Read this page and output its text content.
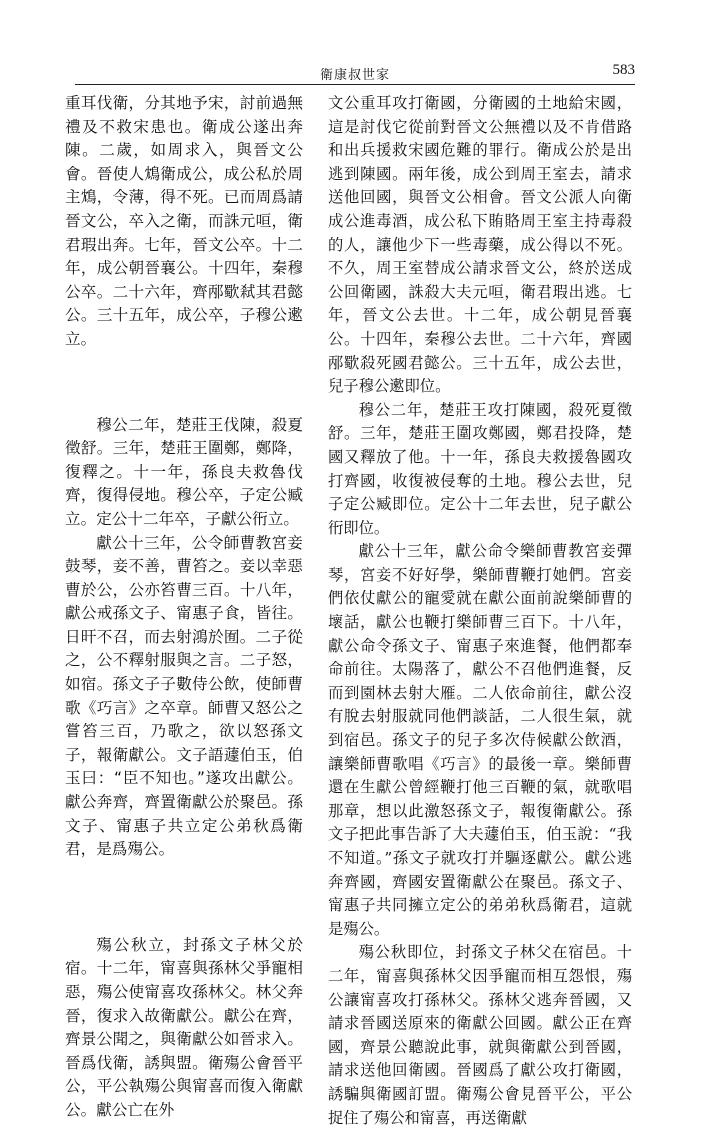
衛康叔世家	583

重耳伐衛，分其地予宋，討前過無禮及不救宋患也。衛成公遂出奔陳。二歲，如周求入，與晉文公會。晉使人鴆衛成公，成公私於周主鴆，令薄，得不死。已而周爲請晉文公，卒入之衛，而誅元咺，衛君瑕出奔。七年，晉文公卒。十二年，成公朝晉襄公。十四年，秦穆公卒。二十六年，齊邴歜弒其君懿公。三十五年，成公卒，子穆公遬立。

穆公二年，楚莊王伐陳，殺夏徵舒。三年，楚莊王圍鄭，鄭降，復釋之。十一年，孫良夫救魯伐齊，復得侵地。穆公卒，子定公臧立。定公十二年卒，子獻公衎立。

獻公十三年，公令師曹教宮妾鼓琴，妾不善，曹笞之。妾以幸惡曹於公，公亦笞曹三百。十八年，獻公戒孫文子、甯惠子食，皆往。日旰不召，而去射鴻於囿。二子從之，公不釋射服與之言。二子怒，如宿。孫文子子數侍公飲，使師曹歌《巧言》之卒章。師曹又怒公之嘗笞三百，乃歌之，欲以怒孫文子，報衛獻公。文子語蘧伯玉，伯玉曰：“臣不知也。”遂攻出獻公。獻公奔齊，齊置衛獻公於聚邑。孫文子、甯惠子共立定公弟秋爲衛君，是爲殤公。

殤公秋立，封孫文子林父於宿。十二年，甯喜與孫林父爭寵相惡，殤公使甯喜攻孫林父。林父奔晉，復求入故衛獻公。獻公在齊，齊景公聞之，與衛獻公如晉求入。晉爲伐衛，誘與盟。衛殤公會晉平公，平公執殤公與甯喜而復入衛獻公。獻公亡在外

文公重耳攻打衛國，分衛國的土地給宋國，這是討伐它從前對晉文公無禮以及不肯借路和出兵援救宋國危難的罪行。衛成公於是出逃到陳國。兩年後，成公到周王室去，請求送他回國，與晉文公相會。晉文公派人向衛成公進毒酒，成公私下賄賂周王室主持毒殺的人，讓他少下一些毒藥，成公得以不死。不久，周王室替成公請求晉文公，終於送成公回衛國，誅殺大夫元咺，衛君瑕出逃。七年，晉文公去世。十二年，成公朝見晉襄公。十四年，秦穆公去世。二十六年，齊國邴歜殺死國君懿公。三十五年，成公去世，兒子穆公遬即位。

穆公二年，楚莊王攻打陳國，殺死夏徵舒。三年，楚莊王圍攻鄭國，鄭君投降，楚國又釋放了他。十一年，孫良夫救援魯國攻打齊國，收復被侵奪的土地。穆公去世，兒子定公臧即位。定公十二年去世，兒子獻公衎即位。

獻公十三年，獻公命令樂師曹教宮妾彈琴，宮妾不好好學，樂師曹鞭打她們。宮妾們依仗獻公的寵愛就在獻公面前說樂師曹的壞話，獻公也鞭打樂師曹三百下。十八年，獻公命令孫文子、甯惠子來進餐，他們都奉命前往。太陽落了，獻公不召他們進餐，反而到園林去射大雁。二人依命前往，獻公沒有脫去射服就同他們談話，二人很生氣，就到宿邑。孫文子的兒子多次侍候獻公飲酒，讓樂師曹歌唱《巧言》的最後一章。樂師曹還在生獻公曾經鞭打他三百鞭的氣，就歌唱那章，想以此激怒孫文子，報復衛獻公。孫文子把此事告訴了大夫蘧伯玉，伯玉說：“我不知道。”孫文子就攻打并驅逐獻公。獻公逃奔齊國，齊國安置衛獻公在聚邑。孫文子、甯惠子共同擁立定公的弟弟秋爲衛君，這就是殤公。

殤公秋即位，封孫文子林父在宿邑。十二年，甯喜與孫林父因爭寵而相互怨恨，殤公讓甯喜攻打孫林父。孫林父逃奔晉國，又請求晉國送原來的衛獻公回國。獻公正在齊國，齊景公聽說此事，就與衛獻公到晉國，請求送他回衛國。晉國爲了獻公攻打衛國，誘騙與衛國訂盟。衛殤公會見晉平公，平公捉住了殤公和甯喜，再送衛獻
